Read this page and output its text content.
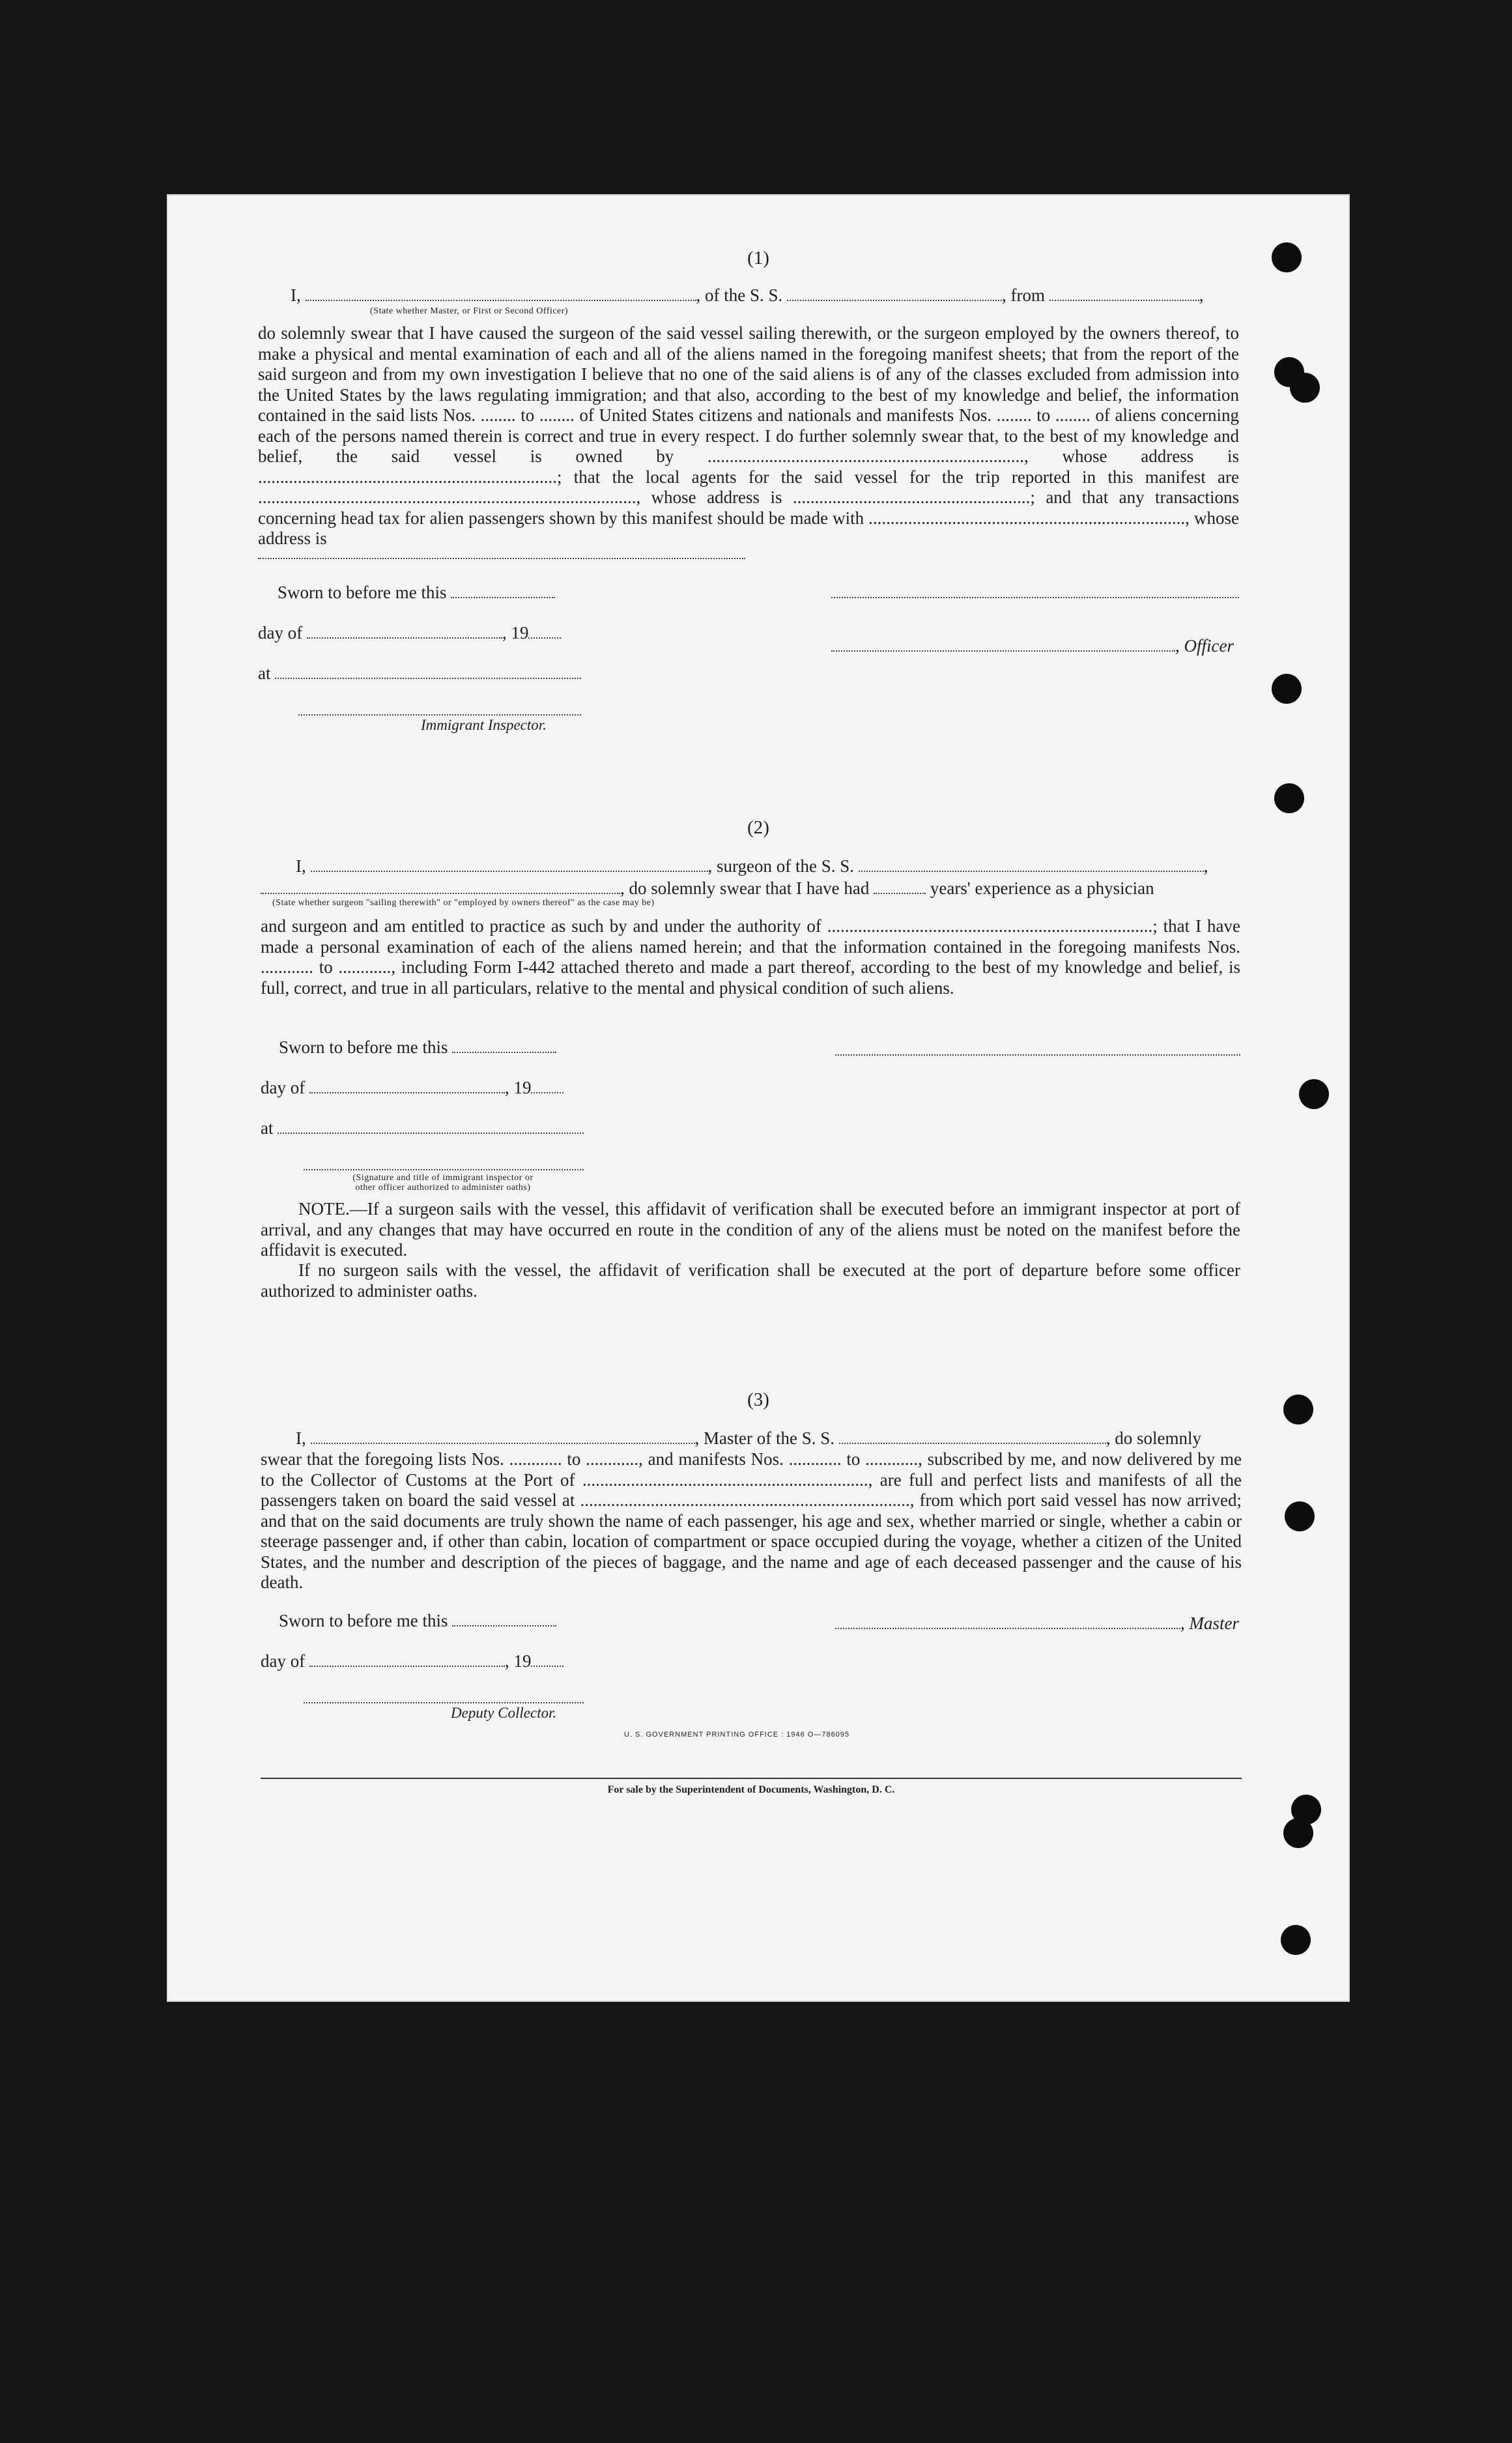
(1)
I,	, of the S. S.	, from	,
(State whether Master, or First or Second Officer)
do solemnly swear that I have caused the surgeon of the said vessel sailing therewith, or the surgeon employed by the owners thereof, to make a physical and mental examination of each and all of the aliens named in the foregoing manifest sheets; that from the report of the said surgeon and from my own investigation I believe that no one of the said aliens is of any of the classes excluded from admission into the United States by the laws regulating immigration; and that also, according to the best of my knowledge and belief, the information contained in the said lists Nos. ........ to ........ of United States citizens and nationals and manifests Nos. ........ to ........ of aliens concerning each of the persons named therein is correct and true in every respect. I do further solemnly swear that, to the best of my knowledge and belief, the said vessel is owned by ........................................................................, whose address is ....................................................................; that the local agents for the said vessel for the trip reported in this manifest are ......................................................................................, whose address is ......................................................; and that any transactions concerning head tax for alien passengers shown by this manifest should be made with ........................................................................, whose address is
Sworn to before me this
day of	, 19
at
Immigrant Inspector.
, Officer
(2)
I,	, surgeon of the S. S.	,
, do solemnly swear that I have had	years' experience as a physician
(State whether surgeon "sailing therewith" or "employed by owners thereof" as the case may be)
and surgeon and am entitled to practice as such by and under the authority of ..........................................................................; that I have made a personal examination of each of the aliens named herein; and that the information contained in the foregoing manifests Nos. ............ to ............, including Form I-442 attached thereto and made a part thereof, according to the best of my knowledge and belief, is full, correct, and true in all particulars, relative to the mental and physical condition of such aliens.
Sworn to before me this
day of	, 19
at
(Signature and title of immigrant inspector or
other officer authorized to administer oaths)
NOTE.—If a surgeon sails with the vessel, this affidavit of verification shall be executed before an immigrant inspector at port of arrival, and any changes that may have occurred en route in the condition of any of the aliens must be noted on the manifest before the affidavit is executed.
If no surgeon sails with the vessel, the affidavit of verification shall be executed at the port of departure before some officer authorized to administer oaths.
(3)
I,	, Master of the S. S.	, do solemnly
swear that the foregoing lists Nos. ............ to ............, and manifests Nos. ............ to ............, subscribed by me, and now delivered by me to the Collector of Customs at the Port of ................................................................., are full and perfect lists and manifests of all the passengers taken on board the said vessel at ..........................................................................., from which port said vessel has now arrived; and that on the said documents are truly shown the name of each passenger, his age and sex, whether married or single, whether a cabin or steerage passenger and, if other than cabin, location of compartment or space occupied during the voyage, whether a citizen of the United States, and the number and description of the pieces of baggage, and the name and age of each deceased passenger and the cause of his death.
Sworn to before me this
day of	, 19
, Master
Deputy Collector.
U. S. GOVERNMENT PRINTING OFFICE : 1946 O—786095
For sale by the Superintendent of Documents, Washington, D. C.
